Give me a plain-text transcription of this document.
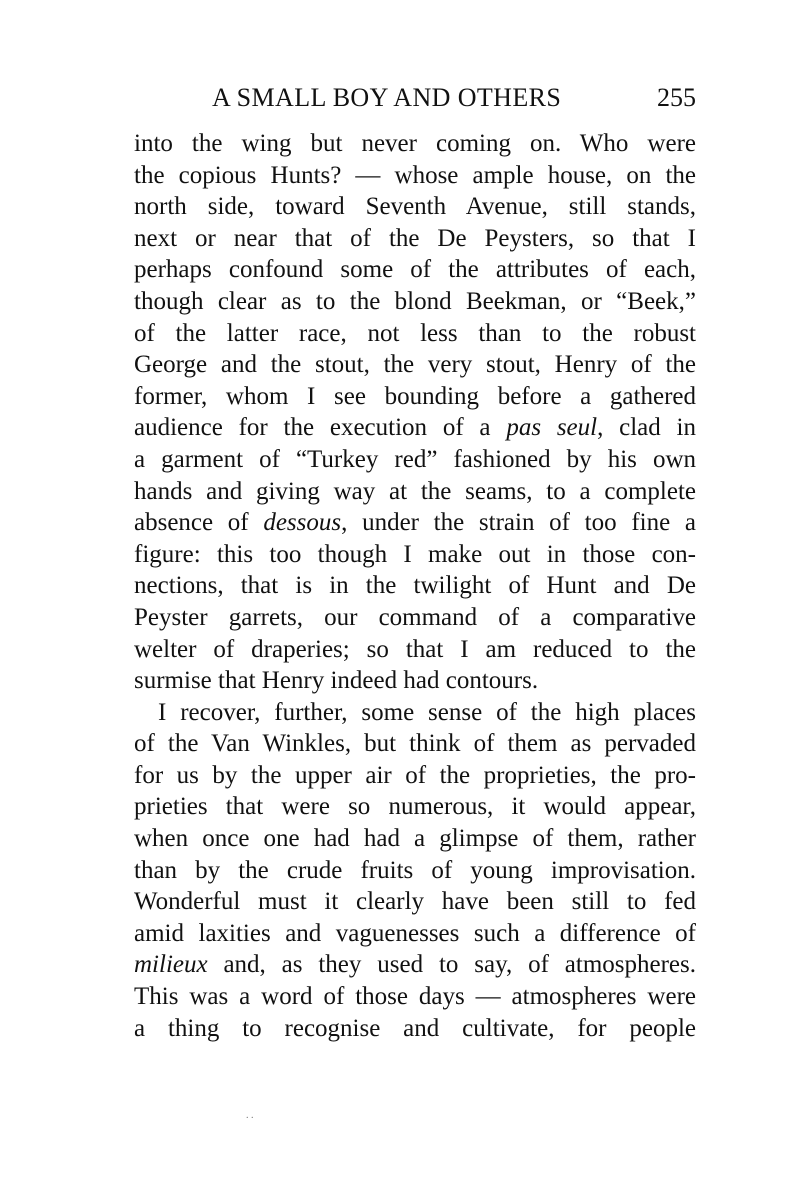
A SMALL BOY AND OTHERS	255
into the wing but never coming on. Who were
the copious Hunts? — whose ample house, on the
north side, toward Seventh Avenue, still stands,
next or near that of the De Peysters, so that I
perhaps confound some of the attributes of each,
though clear as to the blond Beekman, or “Beek,”
of the latter race, not less than to the robust
George and the stout, the very stout, Henry of the
former, whom I see bounding before a gathered
audience for the execution of a pas seul, clad in
a garment of “Turkey red” fashioned by his own
hands and giving way at the seams, to a complete
absence of dessous, under the strain of too fine a
figure: this too though I make out in those con-
nections, that is in the twilight of Hunt and De
Peyster garrets, our command of a comparative
welter of draperies; so that I am reduced to the
surmise that Henry indeed had contours.
I recover, further, some sense of the high places
of the Van Winkles, but think of them as pervaded
for us by the upper air of the proprieties, the pro-
prieties that were so numerous, it would appear,
when once one had had a glimpse of them, rather
than by the crude fruits of young improvisation.
Wonderful must it clearly have been still to fed
amid laxities and vaguenesses such a difference of
milieux and, as they used to say, of atmospheres.
This was a word of those days — atmospheres were
a thing to recognise and cultivate, for people
. .
